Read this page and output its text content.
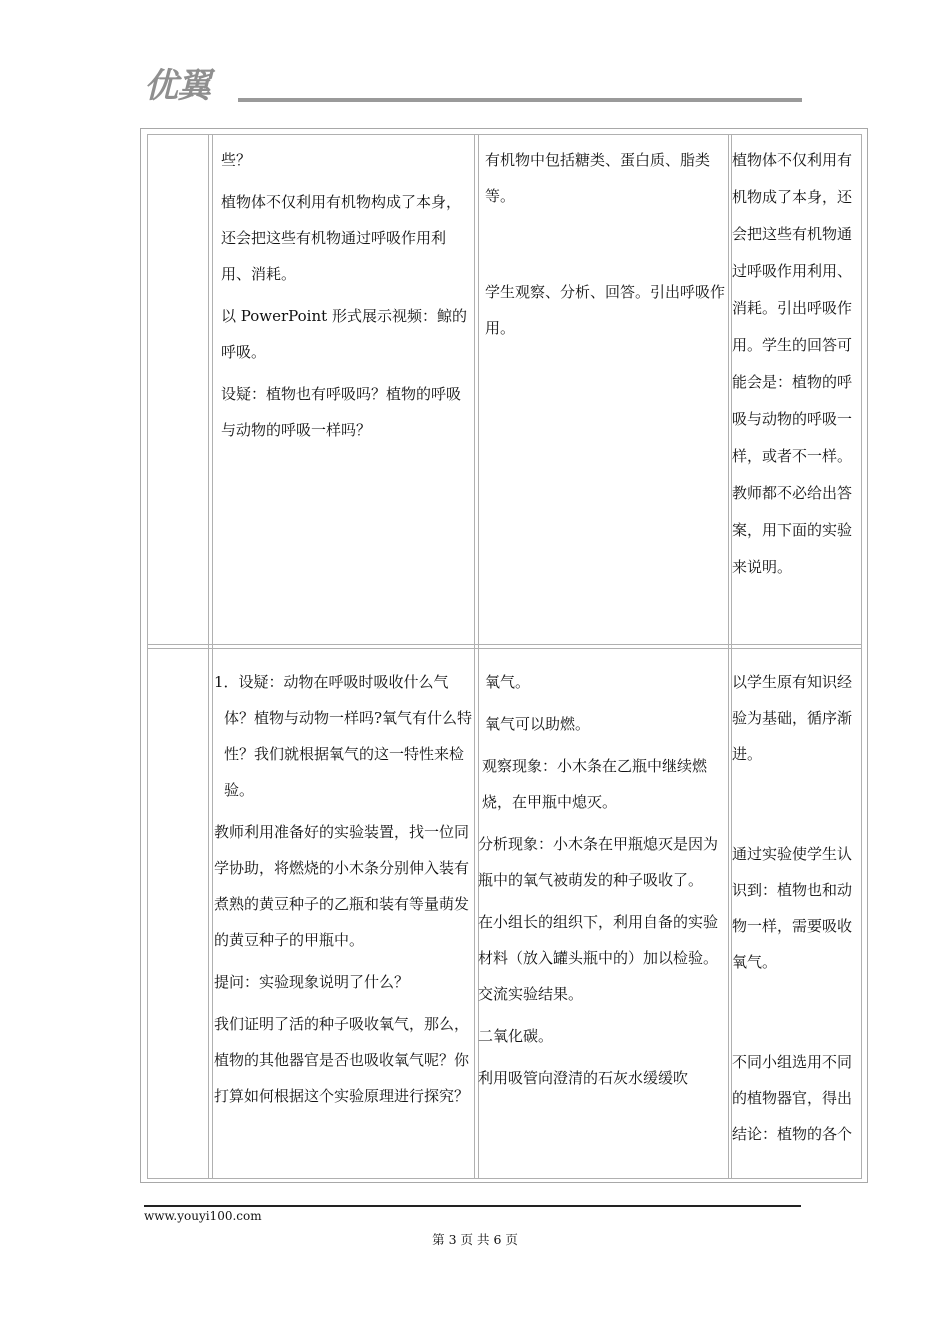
优翼

些？

植物体不仅利用有机物构成了本身，还会把这些有机物通过呼吸作用利用、消耗。

以 PowerPoint 形式展示视频：鲸的呼吸。

设疑：植物也有呼吸吗？植物的呼吸与动物的呼吸一样吗？

有机物中包括糖类、蛋白质、脂类等。

学生观察、分析、回答。引出呼吸作用。

植物体不仅利用有机物成了本身，还会把这些有机物通过呼吸作用利用、消耗。引出呼吸作用。学生的回答可能会是：植物的呼吸与动物的呼吸一样，或者不一样。教师都不必给出答案，用下面的实验来说明。

1．设疑：动物在呼吸时吸收什么气体？植物与动物一样吗?氧气有什么特性？我们就根据氧气的这一特性来检验。

教师利用准备好的实验装置，找一位同学协助，将燃烧的小木条分别伸入装有煮熟的黄豆种子的乙瓶和装有等量萌发的黄豆种子的甲瓶中。

提问：实验现象说明了什么？

我们证明了活的种子吸收氧气，那么，植物的其他器官是否也吸收氧气呢？你打算如何根据这个实验原理进行探究？

氧气。

氧气可以助燃。

观察现象：小木条在乙瓶中继续燃烧，在甲瓶中熄灭。

分析现象：小木条在甲瓶熄灭是因为瓶中的氧气被萌发的种子吸收了。

在小组长的组织下，利用自备的实验材料（放入罐头瓶中的）加以检验。交流实验结果。

二氧化碳。

利用吸管向澄清的石灰水缓缓吹

以学生原有知识经验为基础，循序渐进。

通过实验使学生认识到：植物也和动物一样，需要吸收氧气。

不同小组选用不同的植物器官，得出结论：植物的各个

www.youyi100.com
第 3 页 共 6 页
